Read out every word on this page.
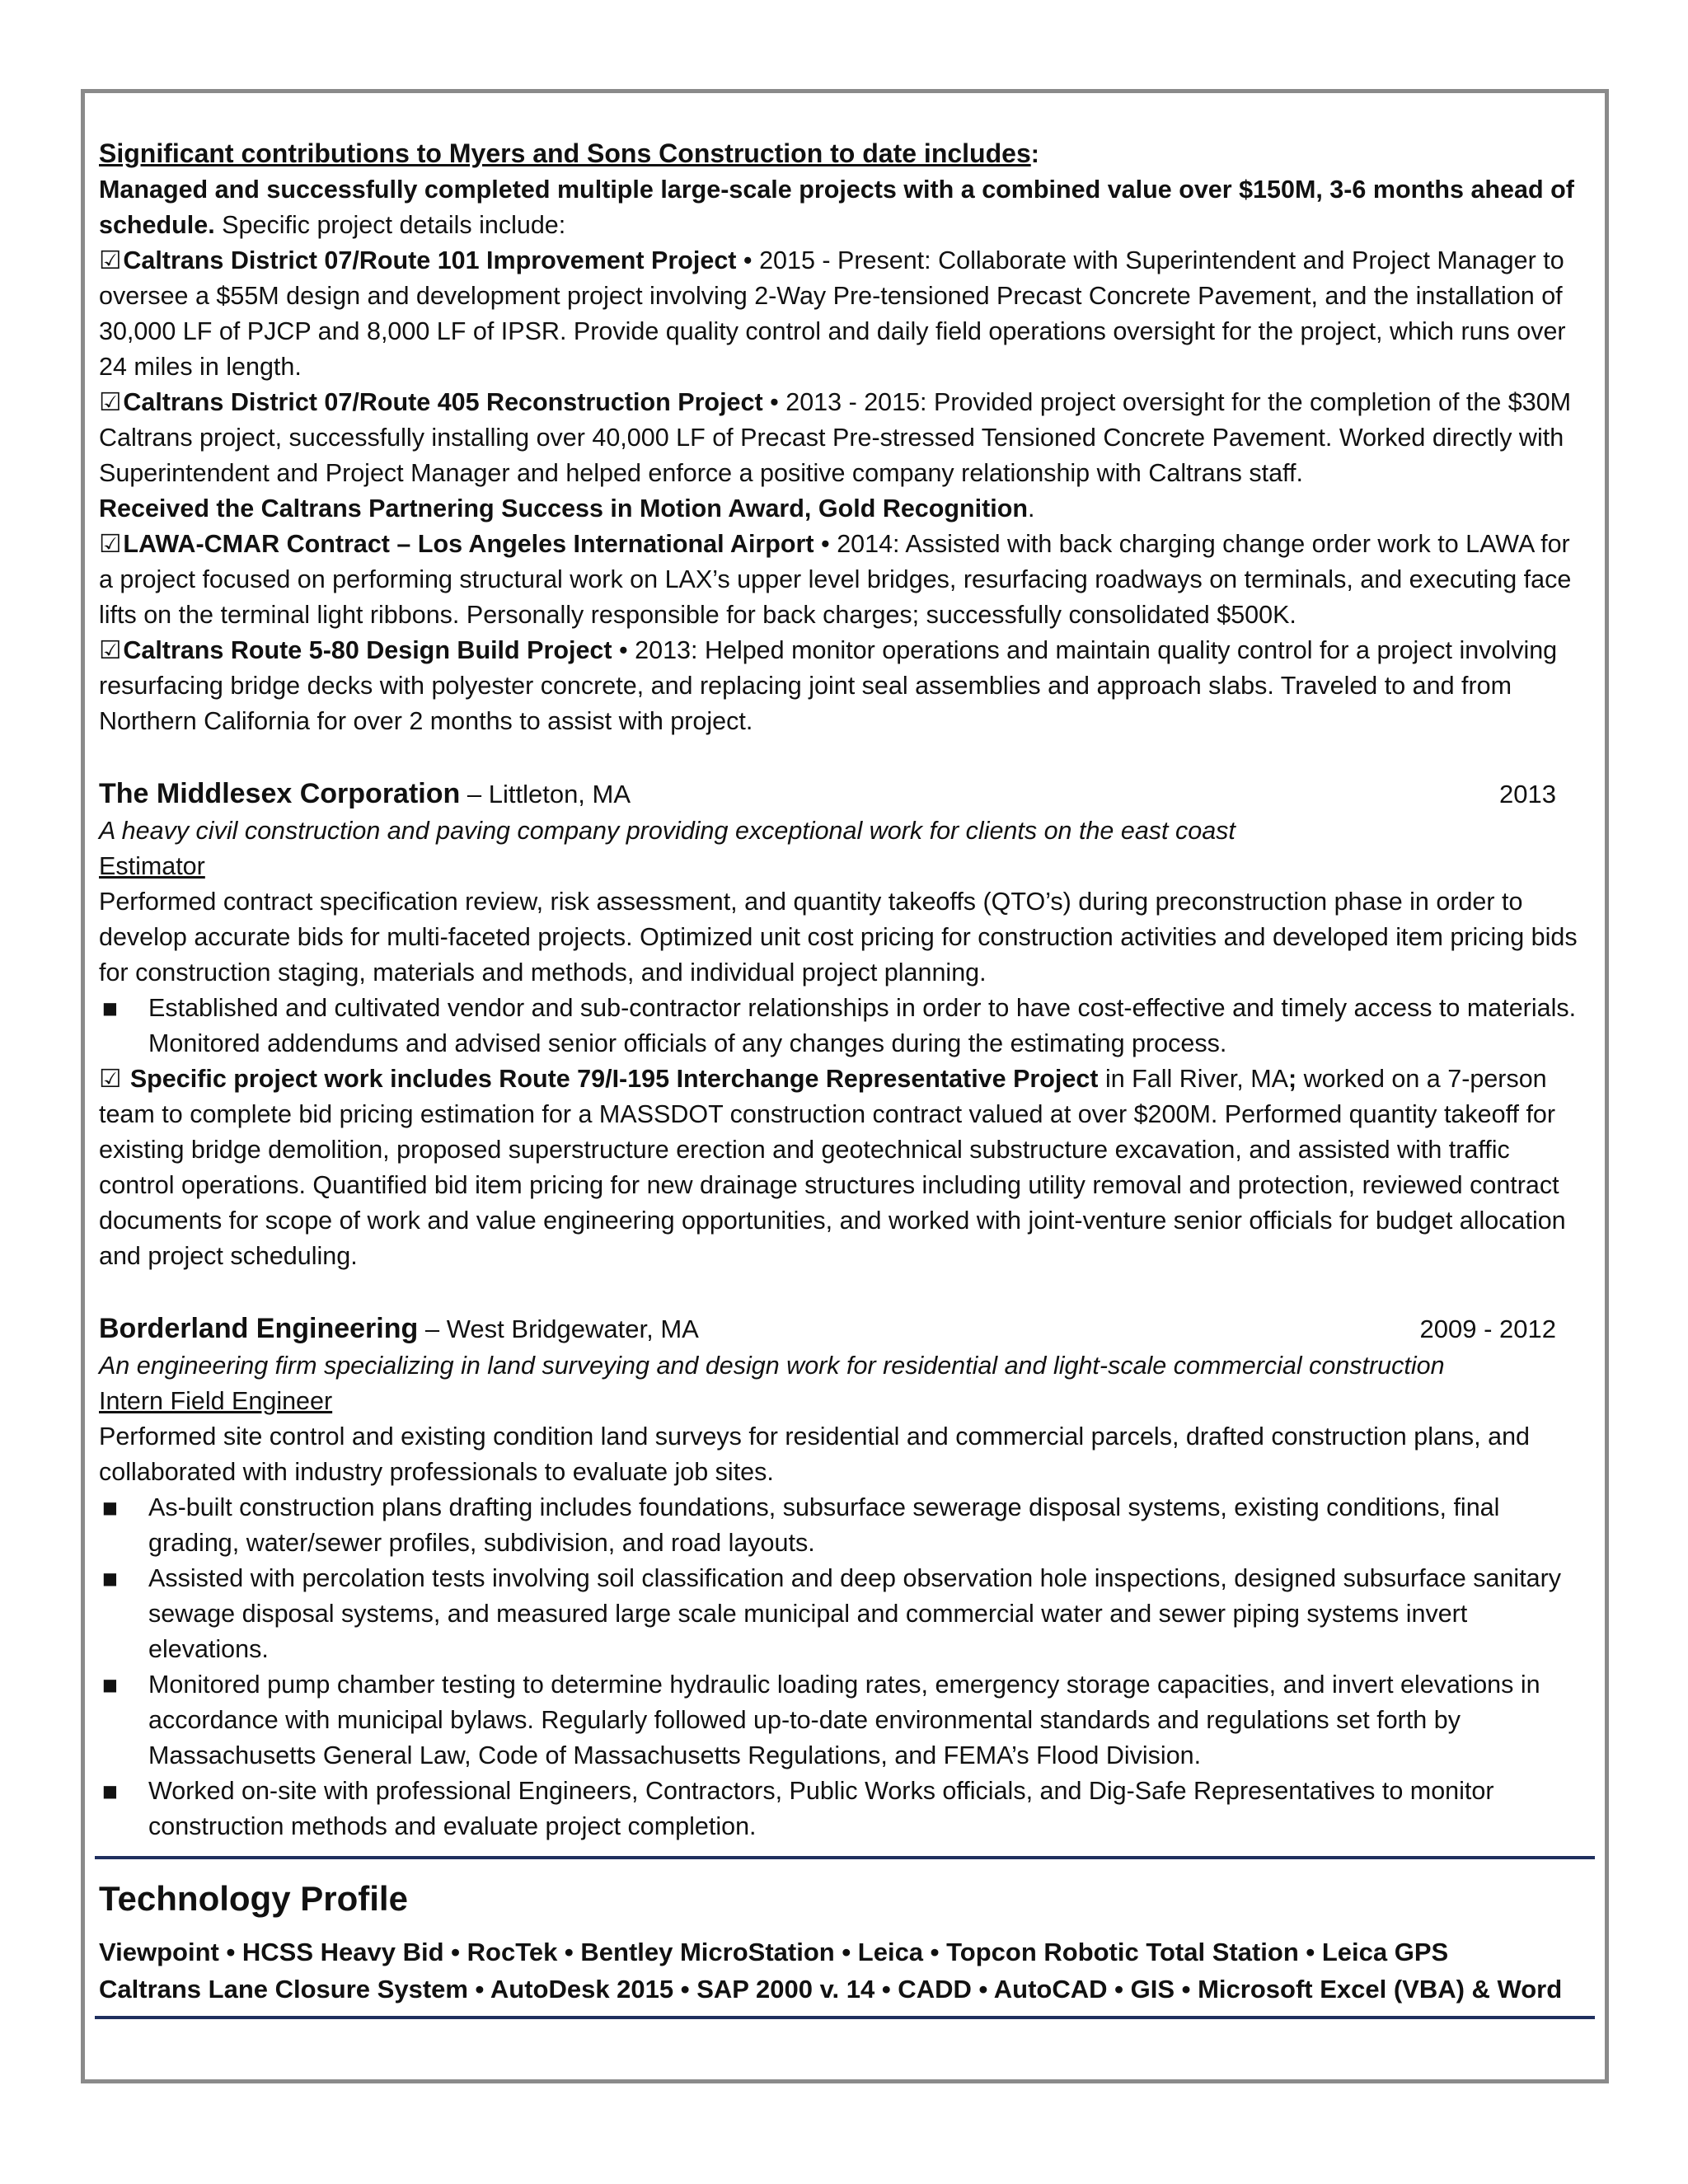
Significant contributions to Myers and Sons Construction to date includes:

Managed and successfully completed multiple large-scale projects with a combined value over $150M, 3-6 months ahead of schedule. Specific project details include:

☑Caltrans District 07/Route 101 Improvement Project • 2015 - Present: Collaborate with Superintendent and Project Manager to oversee a $55M design and development project involving 2-Way Pre-tensioned Precast Concrete Pavement, and the installation of 30,000 LF of PJCP and 8,000 LF of IPSR. Provide quality control and daily field operations oversight for the project, which runs over 24 miles in length.

☑Caltrans District 07/Route 405 Reconstruction Project • 2013 - 2015: Provided project oversight for the completion of the $30M Caltrans project, successfully installing over 40,000 LF of Precast Pre-stressed Tensioned Concrete Pavement. Worked directly with Superintendent and Project Manager and helped enforce a positive company relationship with Caltrans staff.

Received the Caltrans Partnering Success in Motion Award, Gold Recognition.

☑LAWA-CMAR Contract – Los Angeles International Airport • 2014: Assisted with back charging change order work to LAWA for a project focused on performing structural work on LAX’s upper level bridges, resurfacing roadways on terminals, and executing face lifts on the terminal light ribbons. Personally responsible for back charges; successfully consolidated $500K.

☑Caltrans Route 5-80 Design Build Project • 2013: Helped monitor operations and maintain quality control for a project involving resurfacing bridge decks with polyester concrete, and replacing joint seal assemblies and approach slabs. Traveled to and from Northern California for over 2 months to assist with project.

The Middlesex Corporation – Littleton, MA	2013

A heavy civil construction and paving company providing exceptional work for clients on the east coast

Estimator

Performed contract specification review, risk assessment, and quantity takeoffs (QTO’s) during preconstruction phase in order to develop accurate bids for multi-faceted projects. Optimized unit cost pricing for construction activities and developed item pricing bids for construction staging, materials and methods, and individual project planning.

■ Established and cultivated vendor and sub-contractor relationships in order to have cost-effective and timely access to materials. Monitored addendums and advised senior officials of any changes during the estimating process.

☑ Specific project work includes Route 79/I-195 Interchange Representative Project in Fall River, MA; worked on a 7-person team to complete bid pricing estimation for a MASSDOT construction contract valued at over $200M. Performed quantity takeoff for existing bridge demolition, proposed superstructure erection and geotechnical substructure excavation, and assisted with traffic control operations. Quantified bid item pricing for new drainage structures including utility removal and protection, reviewed contract documents for scope of work and value engineering opportunities, and worked with joint-venture senior officials for budget allocation and project scheduling.

Borderland Engineering – West Bridgewater, MA	2009 - 2012

An engineering firm specializing in land surveying and design work for residential and light-scale commercial construction

Intern Field Engineer

Performed site control and existing condition land surveys for residential and commercial parcels, drafted construction plans, and collaborated with industry professionals to evaluate job sites.

■ As-built construction plans drafting includes foundations, subsurface sewerage disposal systems, existing conditions, final grading, water/sewer profiles, subdivision, and road layouts.
■ Assisted with percolation tests involving soil classification and deep observation hole inspections, designed subsurface sanitary sewage disposal systems, and measured large scale municipal and commercial water and sewer piping systems invert elevations.
■ Monitored pump chamber testing to determine hydraulic loading rates, emergency storage capacities, and invert elevations in accordance with municipal bylaws. Regularly followed up-to-date environmental standards and regulations set forth by Massachusetts General Law, Code of Massachusetts Regulations, and FEMA’s Flood Division.
■ Worked on-site with professional Engineers, Contractors, Public Works officials, and Dig-Safe Representatives to monitor construction methods and evaluate project completion.
Technology Profile
Viewpoint • HCSS Heavy Bid • RocTek • Bentley MicroStation • Leica • Topcon Robotic Total Station • Leica GPS
Caltrans Lane Closure System • AutoDesk 2015 • SAP 2000 v. 14 • CADD • AutoCAD • GIS • Microsoft Excel (VBA) & Word
